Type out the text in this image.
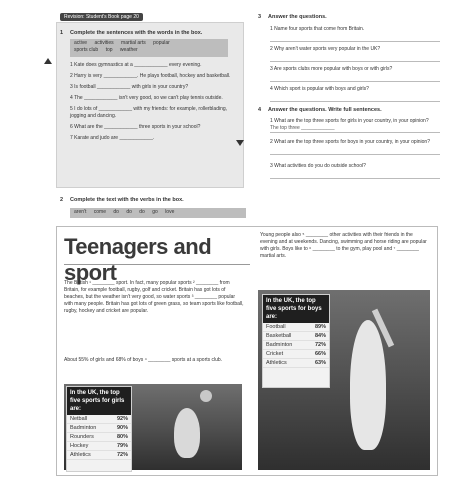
Revision: Student's Book page 20
1 Complete the sentences with the words in the box.
active activities martial arts popular
sports club top weather
1 Kate does gymnastics at a ____________ every evening.
2 Harry is very ____________. He plays football, hockey and basketball.
3 Is football ____________ with girls in your country?
4 The ____________ isn't very good, so we can't play tennis outside.
5 I do lots of ____________ with my friends: for example, rollerblading, jogging and dancing.
6 What are the ____________ three sports in your school?
7 Karate and judo are ____________.
2 Complete the text with the verbs in the box.
aren't come do do do go love
3 Answer the questions.
1 Name four sports that come from Britain.
2 Why aren't water sports very popular in the UK?
3 Are sports clubs more popular with boys or with girls?
4 Which sport is popular with boys and girls?
4 Answer the questions. Write full sentences.
1 What are the top three sports for girls in your country, in your opinion?
The top three ____________
2 What are the top three sports for boys in your country, in your opinion?
3 What activities do you do outside school?
Teenagers and sport
The British ¹ ________ sport. In fact, many popular sports ² ________ from Britain, for example football, rugby, golf and cricket. Britain has got lots of beaches, but the weather isn't very good, so water sports ³ ________ popular with many people. Britain has got lots of green grass, so team sports like football, rugby, hockey and cricket are popular.
About 55% of girls and 68% of boys ⁴ ________ sports at a sports club.
Young people also ⁵ ________ other activities with their friends in the evening and at weekends. Dancing, swimming and horse riding are popular with girls. Boys like to ⁶ ________ to the gym, play pool and ⁷ ________ martial arts.
In the UK, the top five sports for girls are:
Netball	92%
Badminton	90%
Rounders	80%
Hockey	79%
Athletics	72%
In the UK, the top five sports for boys are:
Football	89%
Basketball	84%
Badminton	72%
Cricket	66%
Athletics	63%
